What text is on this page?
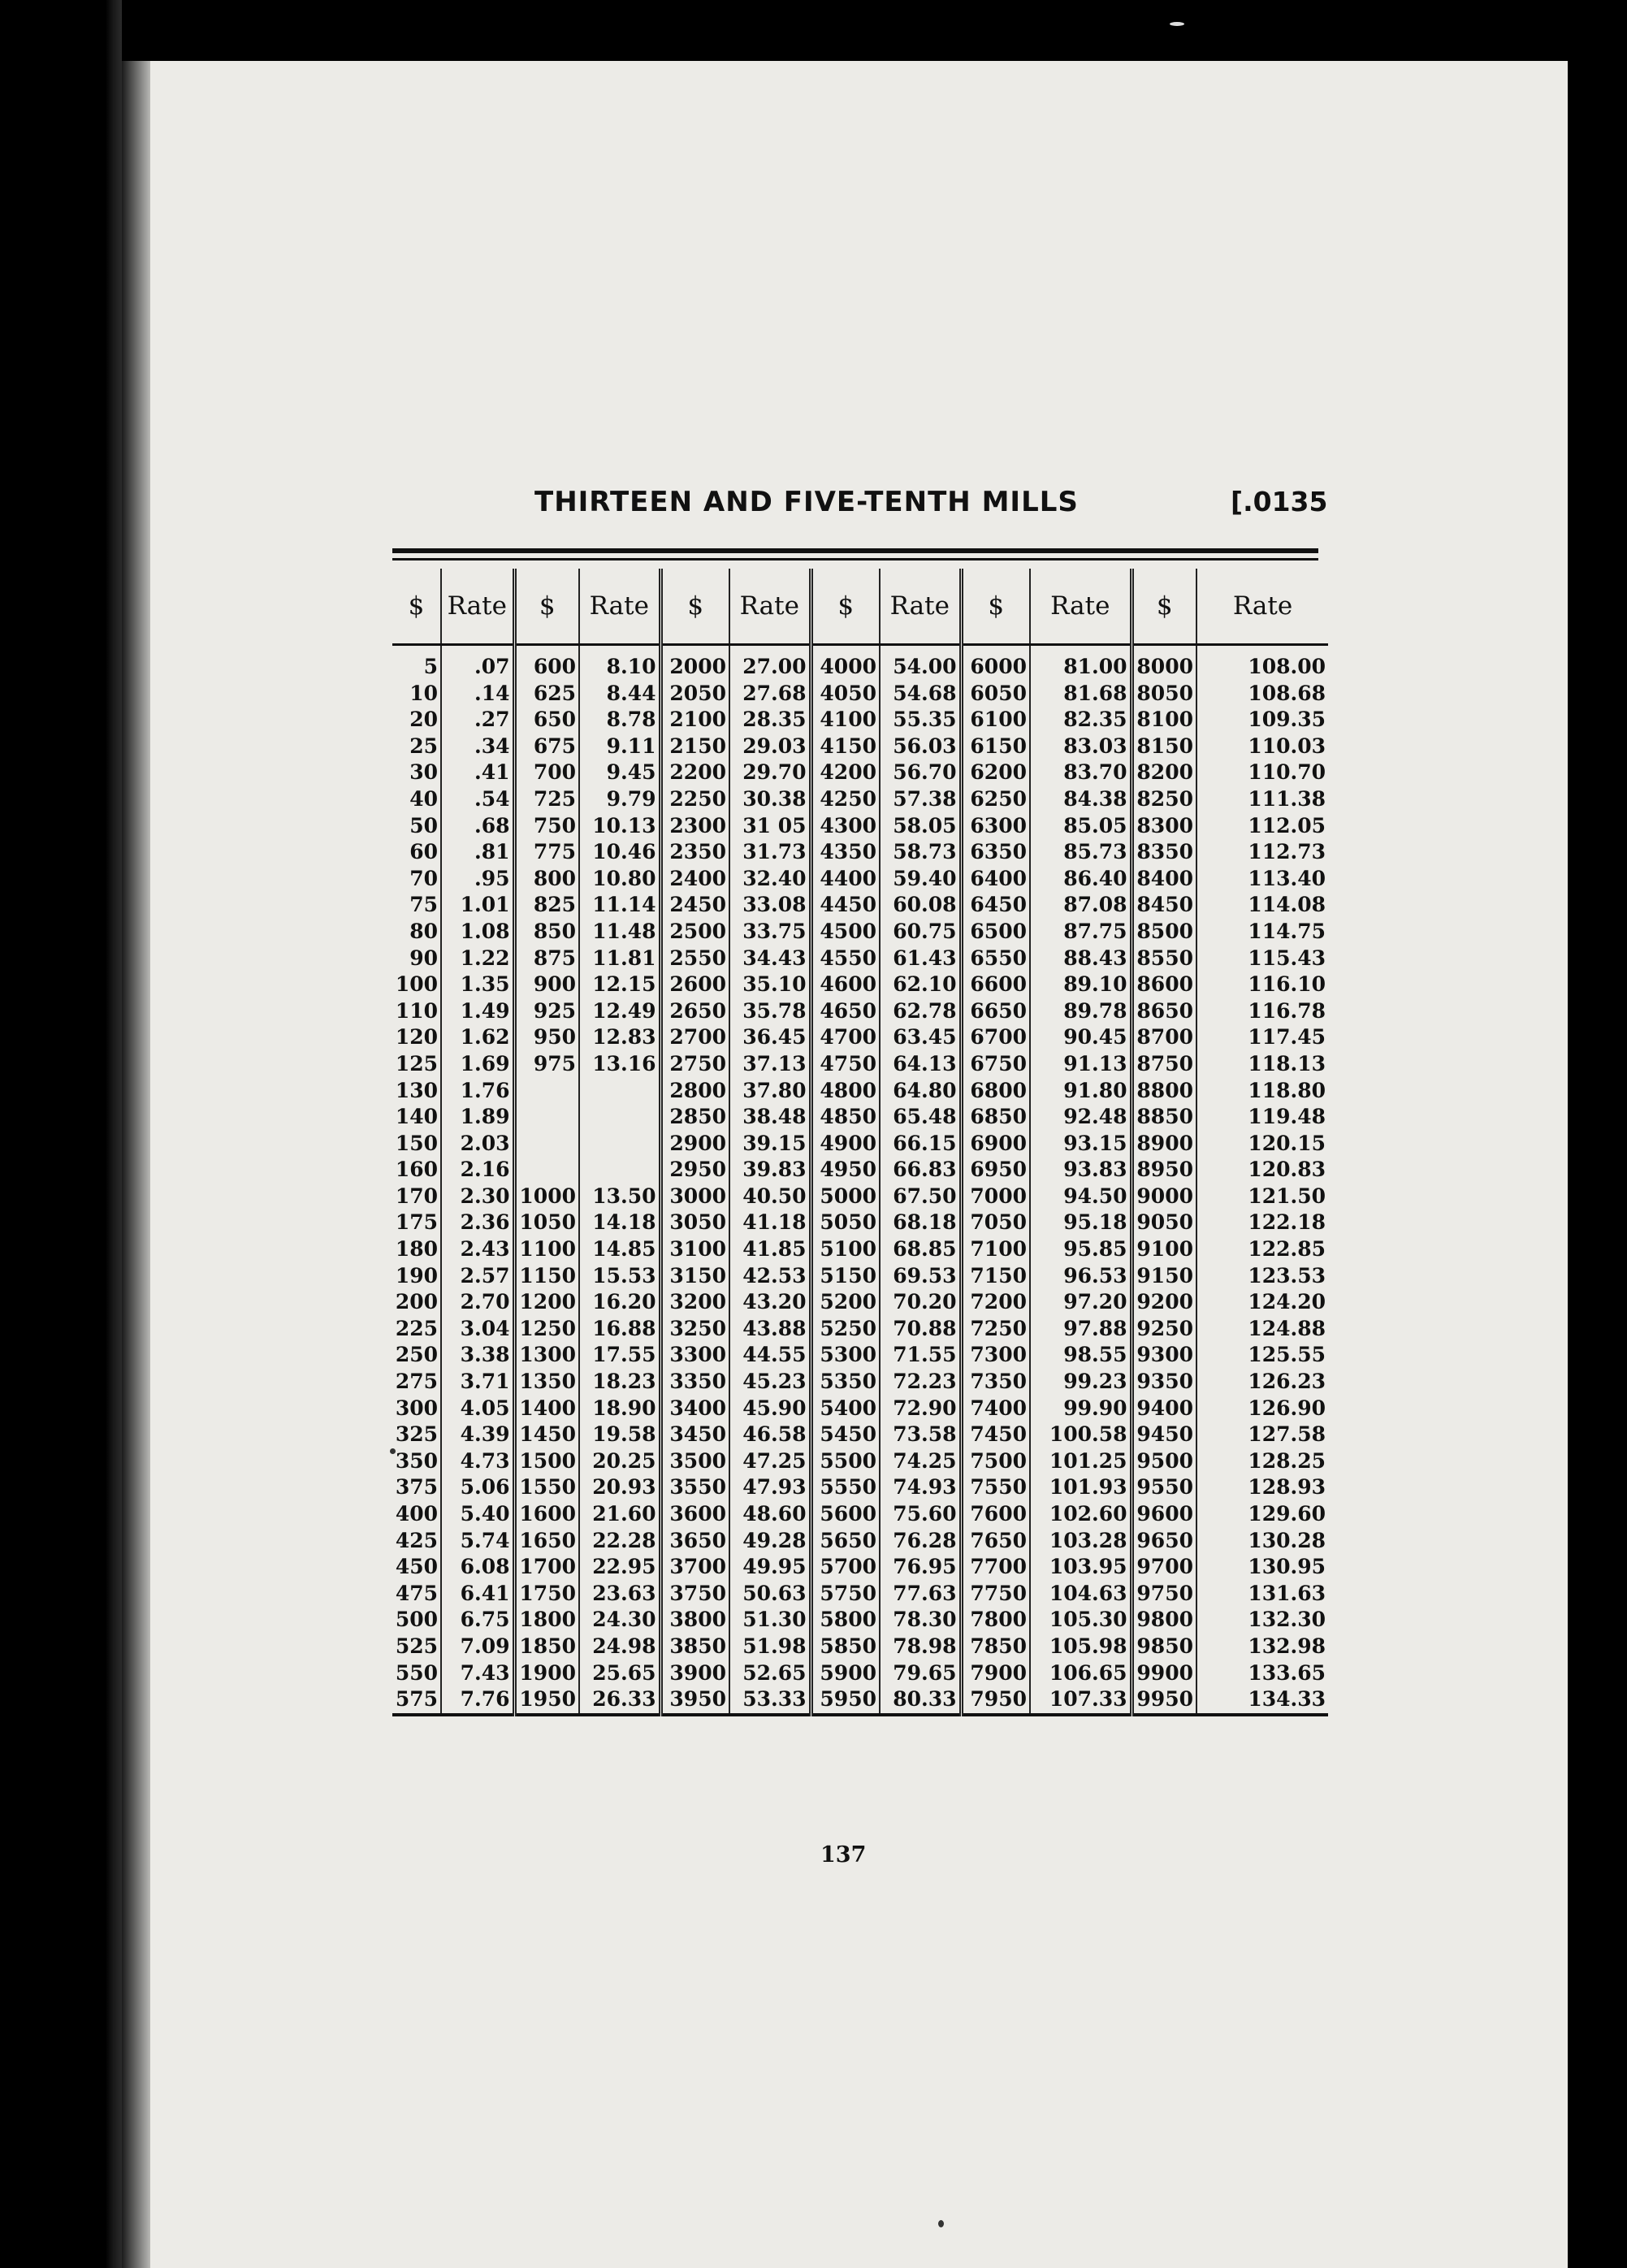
THIRTEEN AND FIVE-TENTH MILLS	[.0135
$	Rate	$	Rate	$	Rate	$	Rate	$	Rate	$	Rate
5	.07	600	8.10	2000	27.00	4000	54.00	6000	81.00	8000	108.00
10	.14	625	8.44	2050	27.68	4050	54.68	6050	81.68	8050	108.68
20	.27	650	8.78	2100	28.35	4100	55.35	6100	82.35	8100	109.35
25	.34	675	9.11	2150	29.03	4150	56.03	6150	83.03	8150	110.03
30	.41	700	9.45	2200	29.70	4200	56.70	6200	83.70	8200	110.70
40	.54	725	9.79	2250	30.38	4250	57.38	6250	84.38	8250	111.38
50	.68	750	10.13	2300	31 05	4300	58.05	6300	85.05	8300	112.05
60	.81	775	10.46	2350	31.73	4350	58.73	6350	85.73	8350	112.73
70	.95	800	10.80	2400	32.40	4400	59.40	6400	86.40	8400	113.40
75	1.01	825	11.14	2450	33.08	4450	60.08	6450	87.08	8450	114.08
80	1.08	850	11.48	2500	33.75	4500	60.75	6500	87.75	8500	114.75
90	1.22	875	11.81	2550	34.43	4550	61.43	6550	88.43	8550	115.43
100	1.35	900	12.15	2600	35.10	4600	62.10	6600	89.10	8600	116.10
110	1.49	925	12.49	2650	35.78	4650	62.78	6650	89.78	8650	116.78
120	1.62	950	12.83	2700	36.45	4700	63.45	6700	90.45	8700	117.45
125	1.69	975	13.16	2750	37.13	4750	64.13	6750	91.13	8750	118.13
130	1.76			2800	37.80	4800	64.80	6800	91.80	8800	118.80
140	1.89			2850	38.48	4850	65.48	6850	92.48	8850	119.48
150	2.03			2900	39.15	4900	66.15	6900	93.15	8900	120.15
160	2.16			2950	39.83	4950	66.83	6950	93.83	8950	120.83
170	2.30	1000	13.50	3000	40.50	5000	67.50	7000	94.50	9000	121.50
175	2.36	1050	14.18	3050	41.18	5050	68.18	7050	95.18	9050	122.18
180	2.43	1100	14.85	3100	41.85	5100	68.85	7100	95.85	9100	122.85
190	2.57	1150	15.53	3150	42.53	5150	69.53	7150	96.53	9150	123.53
200	2.70	1200	16.20	3200	43.20	5200	70.20	7200	97.20	9200	124.20
225	3.04	1250	16.88	3250	43.88	5250	70.88	7250	97.88	9250	124.88
250	3.38	1300	17.55	3300	44.55	5300	71.55	7300	98.55	9300	125.55
275	3.71	1350	18.23	3350	45.23	5350	72.23	7350	99.23	9350	126.23
300	4.05	1400	18.90	3400	45.90	5400	72.90	7400	99.90	9400	126.90
325	4.39	1450	19.58	3450	46.58	5450	73.58	7450	100.58	9450	127.58
350	4.73	1500	20.25	3500	47.25	5500	74.25	7500	101.25	9500	128.25
375	5.06	1550	20.93	3550	47.93	5550	74.93	7550	101.93	9550	128.93
400	5.40	1600	21.60	3600	48.60	5600	75.60	7600	102.60	9600	129.60
425	5.74	1650	22.28	3650	49.28	5650	76.28	7650	103.28	9650	130.28
450	6.08	1700	22.95	3700	49.95	5700	76.95	7700	103.95	9700	130.95
475	6.41	1750	23.63	3750	50.63	5750	77.63	7750	104.63	9750	131.63
500	6.75	1800	24.30	3800	51.30	5800	78.30	7800	105.30	9800	132.30
525	7.09	1850	24.98	3850	51.98	5850	78.98	7850	105.98	9850	132.98
550	7.43	1900	25.65	3900	52.65	5900	79.65	7900	106.65	9900	133.65
575	7.76	1950	26.33	3950	53.33	5950	80.33	7950	107.33	9950	134.33
137
